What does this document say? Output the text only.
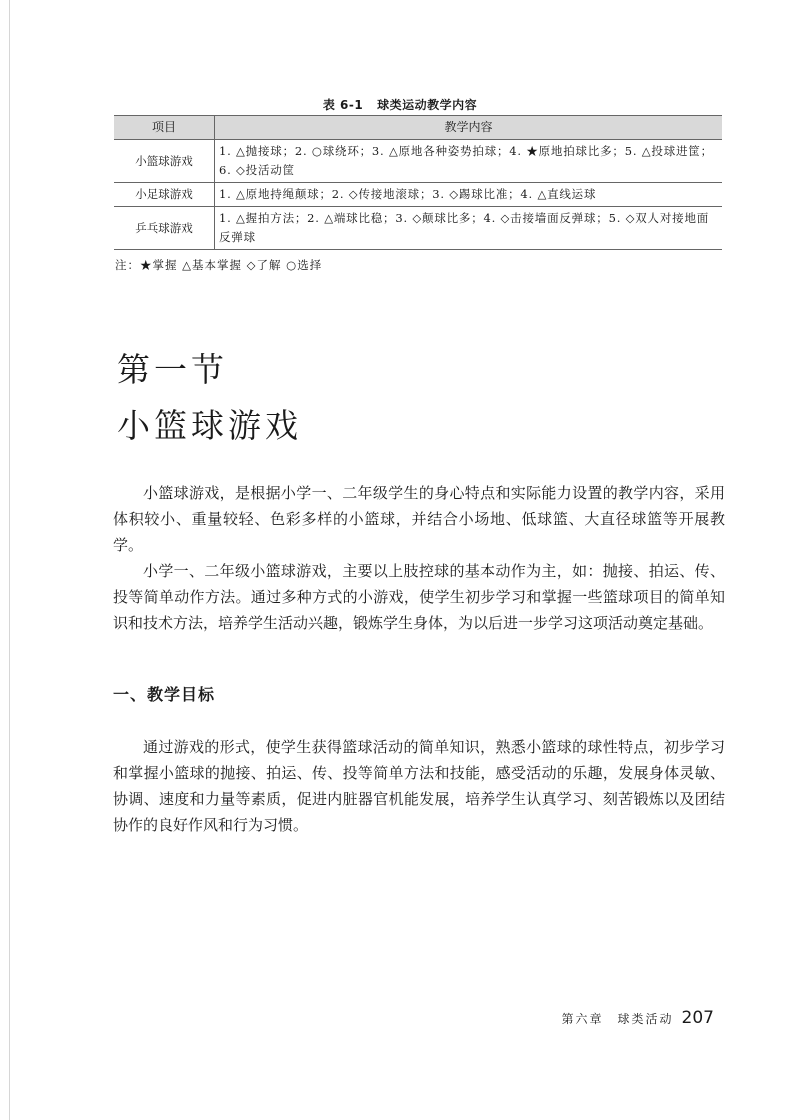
表 6-1 球类运动教学内容
项目	教学内容
小篮球游戏	1. △抛接球；2. ○球绕环；3. △原地各种姿势拍球；4. ★原地拍球比多；5. △投球进筐；6. ◇投活动筐
小足球游戏	1. △原地持绳颠球；2. ◇传接地滚球；3. ◇踢球比准；4. △直线运球
乒乓球游戏	1. △握拍方法；2. △端球比稳；3. ◇颠球比多；4. ◇击接墙面反弹球；5. ◇双人对接地面反弹球
注：★掌握 △基本掌握 ◇了解 ○选择
第一节
小篮球游戏

小篮球游戏，是根据小学一、二年级学生的身心特点和实际能力设置的教学内容，采用体积较小、重量较轻、色彩多样的小篮球，并结合小场地、低球篮、大直径球篮等开展教学。

小学一、二年级小篮球游戏，主要以上肢控球的基本动作为主，如：抛接、拍运、传、投等简单动作方法。通过多种方式的小游戏，使学生初步学习和掌握一些篮球项目的简单知识和技术方法，培养学生活动兴趣，锻炼学生身体，为以后进一步学习这项活动奠定基础。

一、教学目标

通过游戏的形式，使学生获得篮球活动的简单知识，熟悉小篮球的球性特点，初步学习和掌握小篮球的抛接、拍运、传、投等简单方法和技能，感受活动的乐趣，发展身体灵敏、协调、速度和力量等素质，促进内脏器官机能发展，培养学生认真学习、刻苦锻炼以及团结协作的良好作风和行为习惯。

第六章　球类活动 207
